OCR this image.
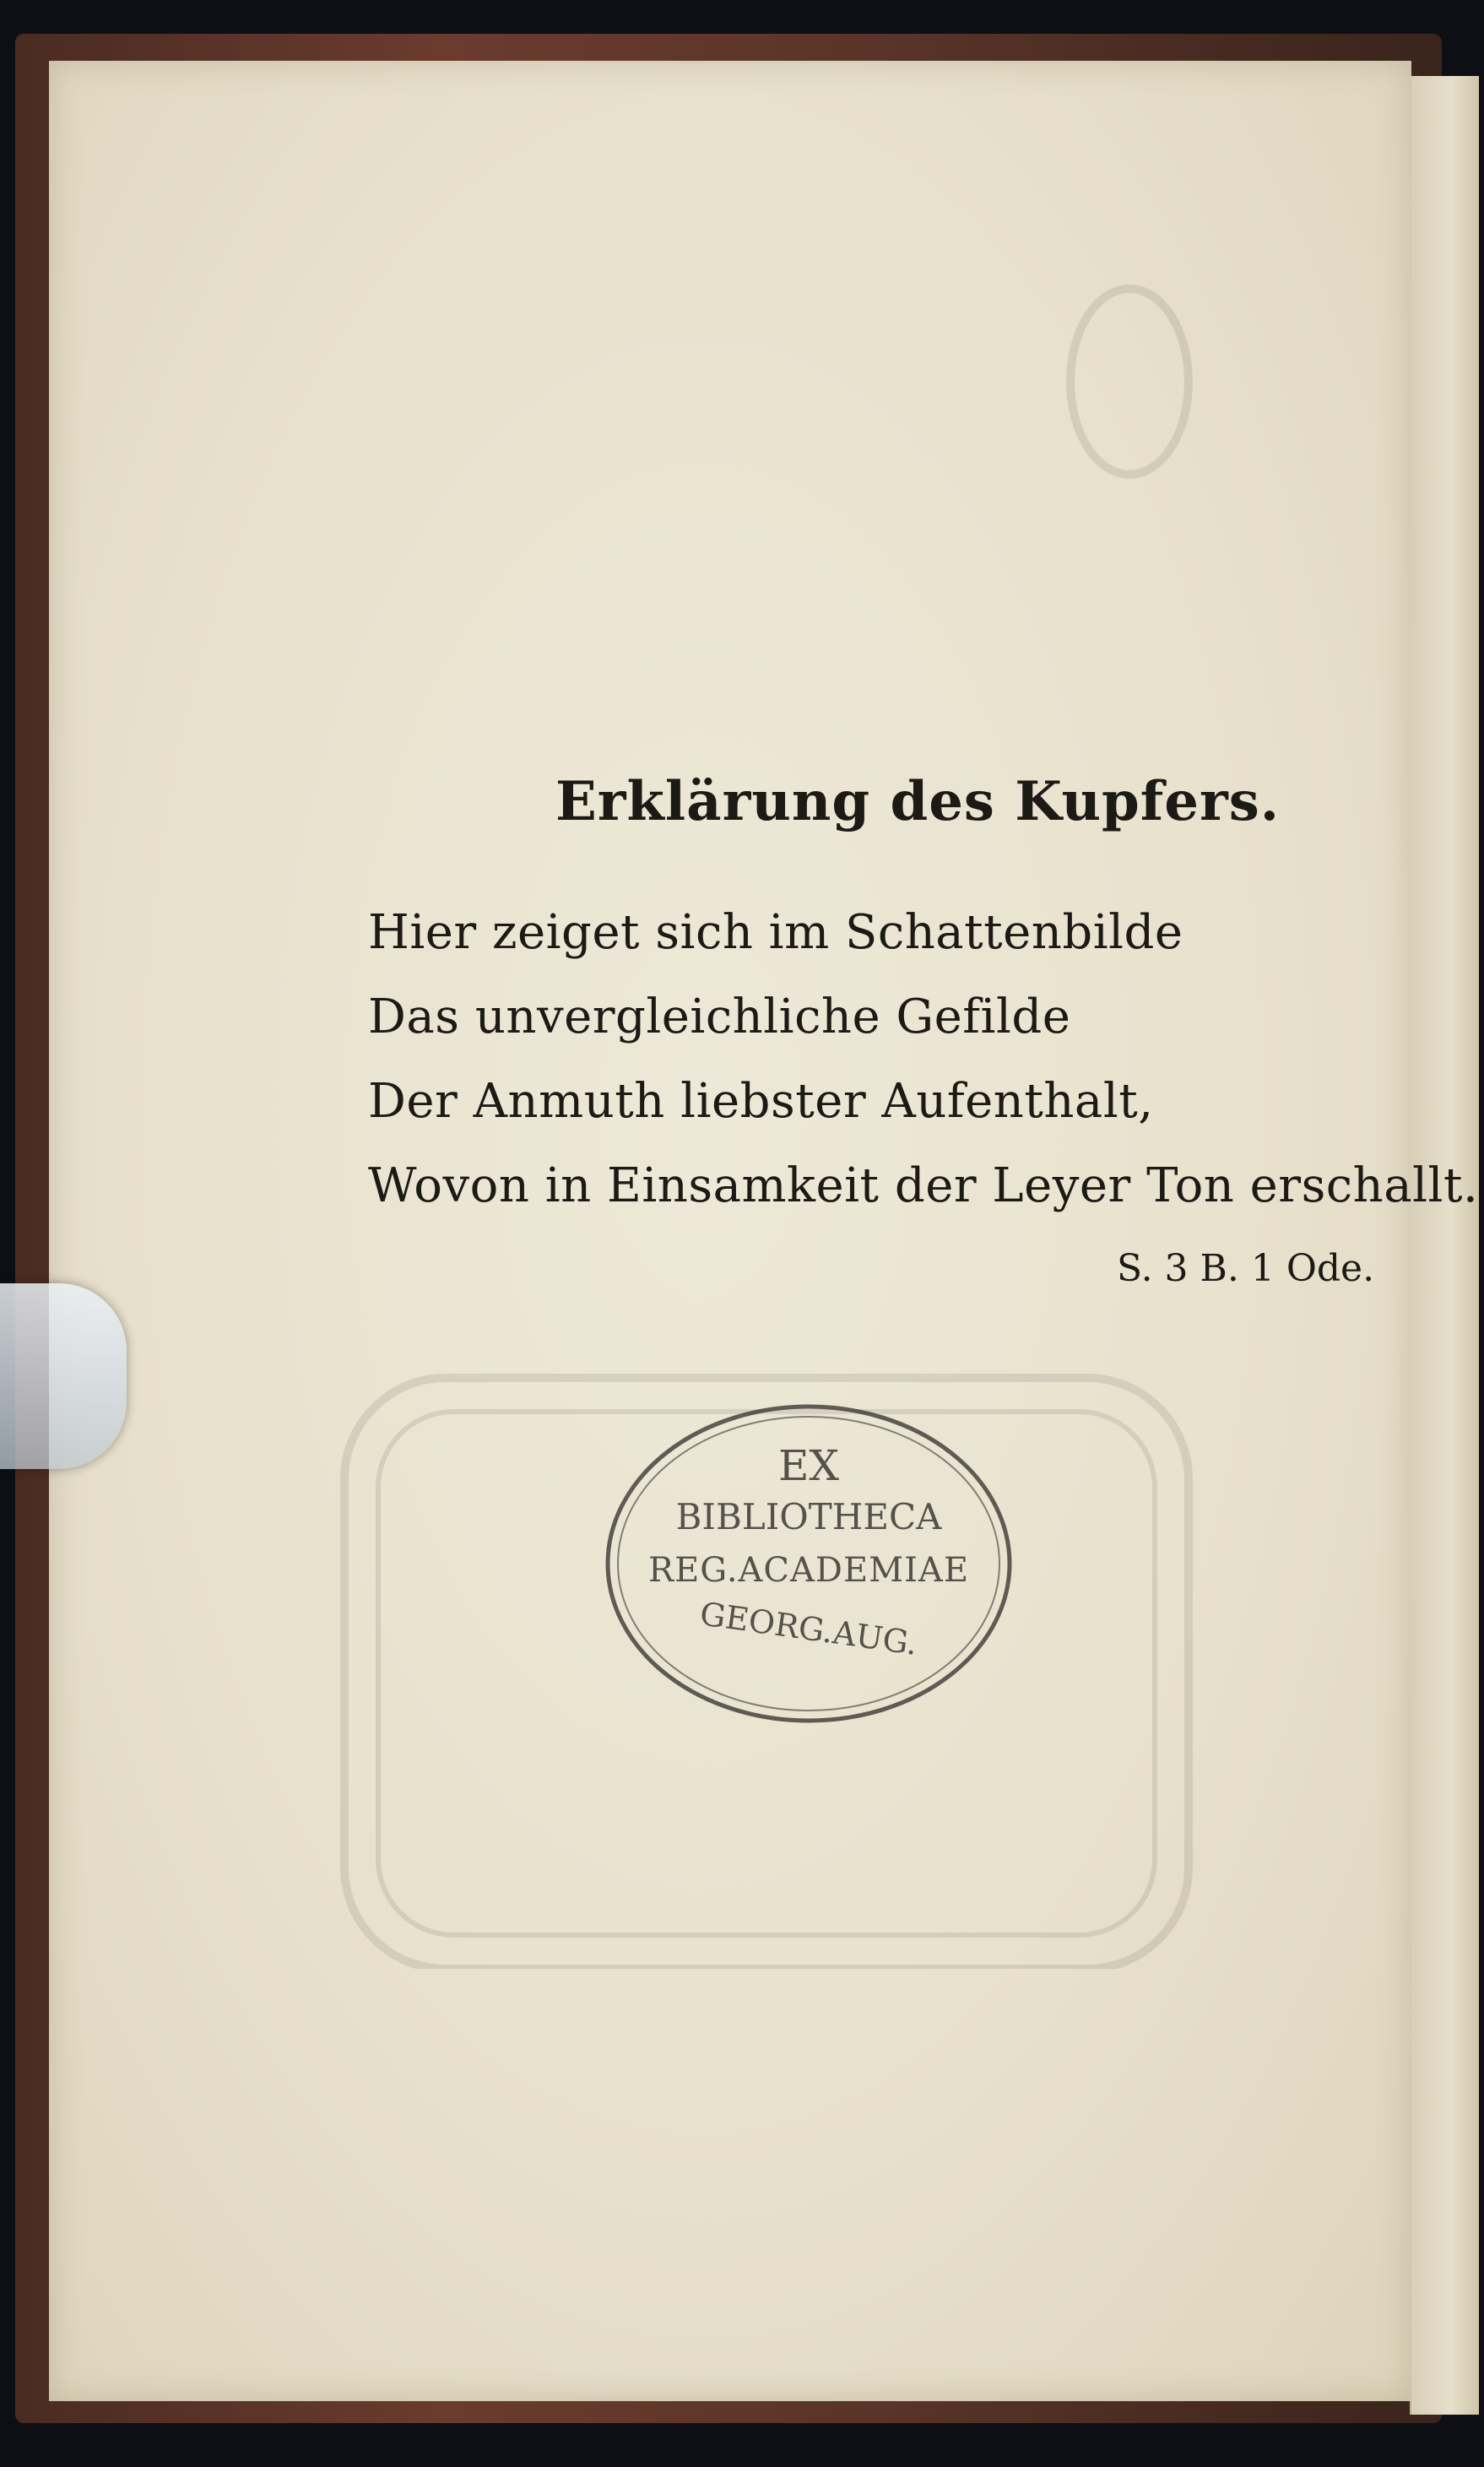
Erklärung des Kupfers.
Hier zeiget sich im Schattenbilde
Das unvergleichliche Gefilde
Der Anmuth liebster Aufenthalt,
Wovon in Einsamkeit der Leyer Ton erschallt.
S. 3 B. 1 Ode.
EX
BIBLIOTHECA
REG.ACADEMIAE
GEORG.AUG.
